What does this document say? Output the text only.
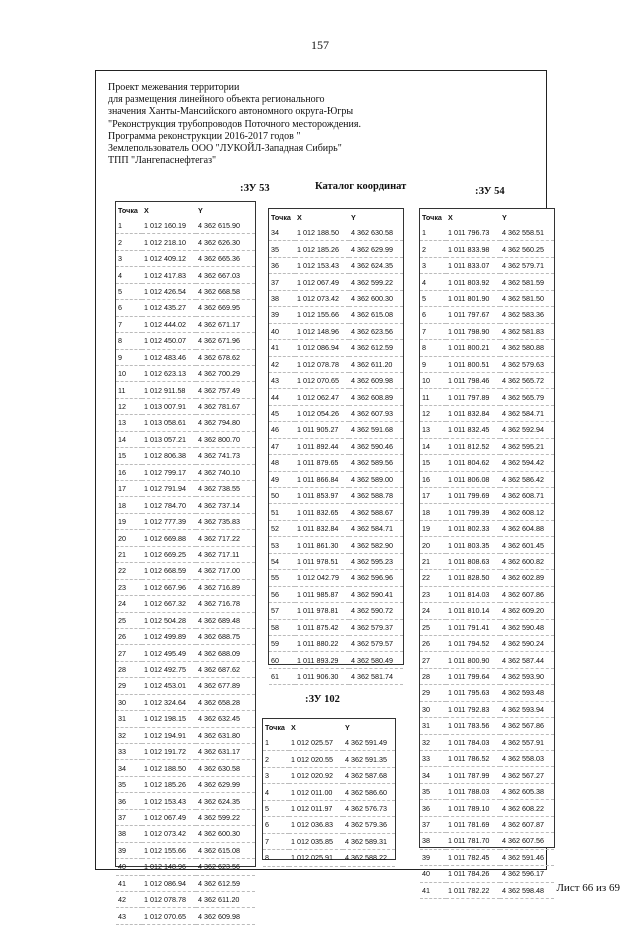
157
Проект межевания территории
для размещения линейного объекта регионального
значения Ханты-Мансийского автономного округа-Югры
"Реконструкция трубопроводов Поточного месторождения.
Программа реконструкции 2016-2017 годов "
Землепользователь ООО "ЛУКОЙЛ-Западная Сибирь"
ТПП "Лангепаснефтегаз"
:ЗУ 53	Каталог координат	:ЗУ 54
:ЗУ 102
Точка	X	Y
1	1 012 160.19	4 362 615.90
2	1 012 218.10	4 362 626.30
3	1 012 409.12	4 362 665.36
4	1 012 417.83	4 362 667.03
5	1 012 426.54	4 362 668.58
6	1 012 435.27	4 362 669.95
7	1 012 444.02	4 362 671.17
8	1 012 450.07	4 362 671.96
9	1 012 483.46	4 362 678.62
10	1 012 623.13	4 362 700.29
11	1 012 911.58	4 362 757.49
12	1 013 007.91	4 362 781.67
13	1 013 058.61	4 362 794.80
14	1 013 057.21	4 362 800.70
15	1 012 806.38	4 362 741.73
16	1 012 799.17	4 362 740.10
17	1 012 791.94	4 362 738.55
18	1 012 784.70	4 362 737.14
19	1 012 777.39	4 362 735.83
20	1 012 669.88	4 362 717.22
21	1 012 669.25	4 362 717.11
22	1 012 668.59	4 362 717.00
23	1 012 667.96	4 362 716.89
24	1 012 667.32	4 362 716.78
25	1 012 504.28	4 362 689.48
26	1 012 499.89	4 362 688.75
27	1 012 495.49	4 362 688.09
28	1 012 492.75	4 362 687.62
29	1 012 453.01	4 362 677.89
30	1 012 324.64	4 362 658.28
31	1 012 198.15	4 362 632.45
32	1 012 194.91	4 362 631.80
33	1 012 191.72	4 362 631.17
34	1 012 188.50	4 362 630.58
35	1 012 185.26	4 362 629.99
36	1 012 153.43	4 362 624.35
37	1 012 067.49	4 362 599.22
38	1 012 073.42	4 362 600.30
39	1 012 155.66	4 362 615.08
40	1 012 148.96	4 362 623.56
41	1 012 086.94	4 362 612.59
42	1 012 078.78	4 362 611.20
43	1 012 070.65	4 362 609.98
Точка	X	Y
34	1 012 188.50	4 362 630.58
35	1 012 185.26	4 362 629.99
36	1 012 153.43	4 362 624.35
37	1 012 067.49	4 362 599.22
38	1 012 073.42	4 362 600.30
39	1 012 155.66	4 362 615.08
40	1 012 148.96	4 362 623.56
41	1 012 086.94	4 362 612.59
42	1 012 078.78	4 362 611.20
43	1 012 070.65	4 362 609.98
44	1 012 062.47	4 362 608.89
45	1 012 054.26	4 362 607.93
46	1 011 905.27	4 362 591.68
47	1 011 892.44	4 362 590.46
48	1 011 879.65	4 362 589.56
49	1 011 866.84	4 362 589.00
50	1 011 853.97	4 362 588.78
51	1 011 832.65	4 362 588.67
52	1 011 832.84	4 362 584.71
53	1 011 861.30	4 362 582.90
54	1 011 978.51	4 362 595.23
55	1 012 042.79	4 362 596.96
56	1 011 985.87	4 362 590.41
57	1 011 978.81	4 362 590.72
58	1 011 875.42	4 362 579.37
59	1 011 880.22	4 362 579.57
60	1 011 893.29	4 362 580.49
61	1 011 906.30	4 362 581.74
Точка	X	Y
1	1 011 796.73	4 362 558.51
2	1 011 833.98	4 362 560.25
3	1 011 833.07	4 362 579.71
4	1 011 803.92	4 362 581.59
5	1 011 801.90	4 362 581.50
6	1 011 797.67	4 362 583.36
7	1 011 798.90	4 362 581.83
8	1 011 800.21	4 362 580.88
9	1 011 800.51	4 362 579.63
10	1 011 798.46	4 362 565.72
11	1 011 797.89	4 362 565.79
12	1 011 832.84	4 362 584.71
13	1 011 832.45	4 362 592.94
14	1 011 812.52	4 362 595.21
15	1 011 804.62	4 362 594.42
16	1 011 806.08	4 362 586.42
17	1 011 799.69	4 362 608.71
18	1 011 799.39	4 362 608.12
19	1 011 802.33	4 362 604.88
20	1 011 803.35	4 362 601.45
21	1 011 808.63	4 362 600.82
22	1 011 828.50	4 362 602.89
23	1 011 814.03	4 362 607.86
24	1 011 810.14	4 362 609.20
25	1 011 791.41	4 362 590.48
26	1 011 794.52	4 362 590.24
27	1 011 800.90	4 362 587.44
28	1 011 799.64	4 362 593.90
29	1 011 795.63	4 362 593.48
30	1 011 792.83	4 362 593.94
31	1 011 783.56	4 362 567.86
32	1 011 784.03	4 362 557.91
33	1 011 786.52	4 362 558.03
34	1 011 787.99	4 362 567.27
35	1 011 788.03	4 362 605.38
36	1 011 789.10	4 362 608.22
37	1 011 781.69	4 362 607.87
38	1 011 781.70	4 362 607.56
39	1 011 782.45	4 362 591.46
40	1 011 784.26	4 362 596.17
41	1 011 782.22	4 362 598.48
Точка	X	Y
1	1 012 025.57	4 362 591.49
2	1 012 020.55	4 362 591.35
3	1 012 020.92	4 362 587.68
4	1 012 011.00	4 362 586.60
5	1 012 011.97	4 362 576.73
6	1 012 036.83	4 362 579.36
7	1 012 035.85	4 362 589.31
8	1 012 025.91	4 362 588.22
Лист 66 из 69
